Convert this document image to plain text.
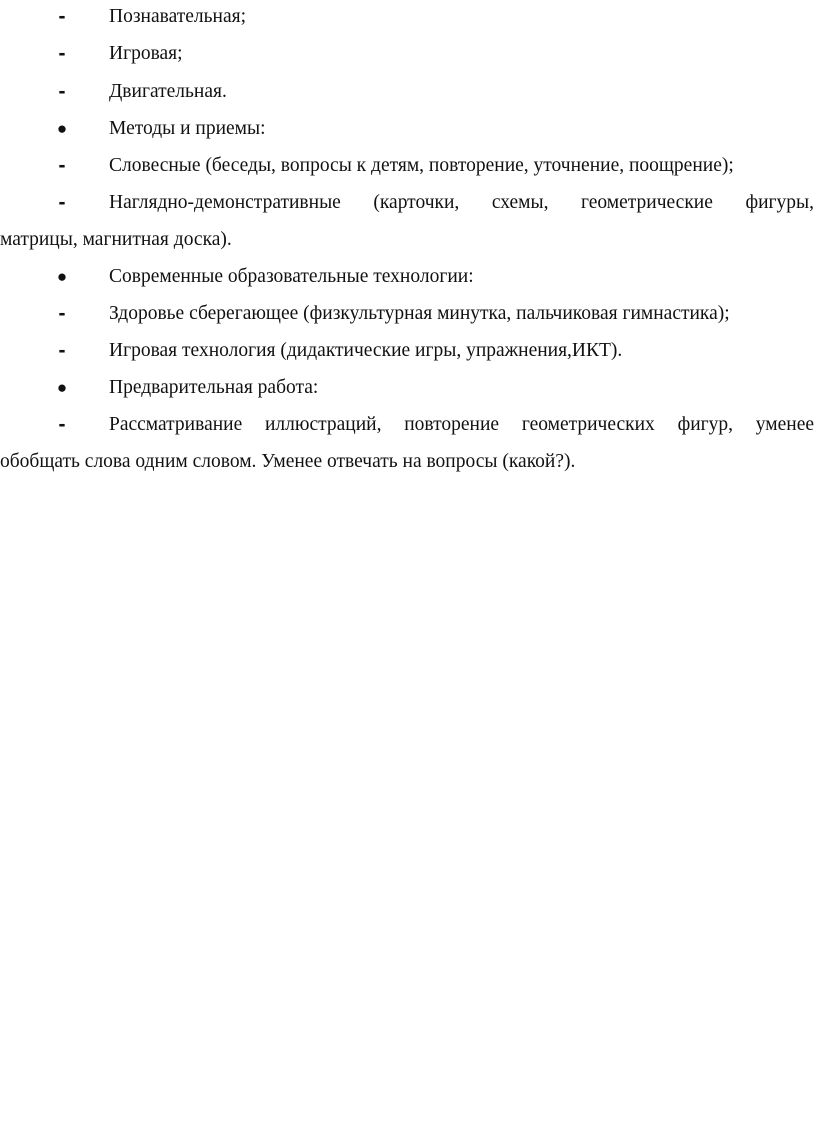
-	Познавательная;
-	Игровая;
-	Двигательная.
● Методы и приемы:
-	Словесные (беседы, вопросы к детям, повторение, уточнение, поощрение);
-	Наглядно-демонстративные (карточки, схемы, геометрические фигуры,
матрицы, магнитная доска).
● Современные образовательные технологии:
-	Здоровье сберегающее (физкультурная минутка, пальчиковая гимнастика);
-	Игровая технология (дидактические игры, упражнения,ИКТ).
● Предварительная работа:
-	Рассматривание иллюстраций, повторение геометрических фигур, уменее
обобщать слова одним словом. Уменее отвечать на вопросы (какой?).
